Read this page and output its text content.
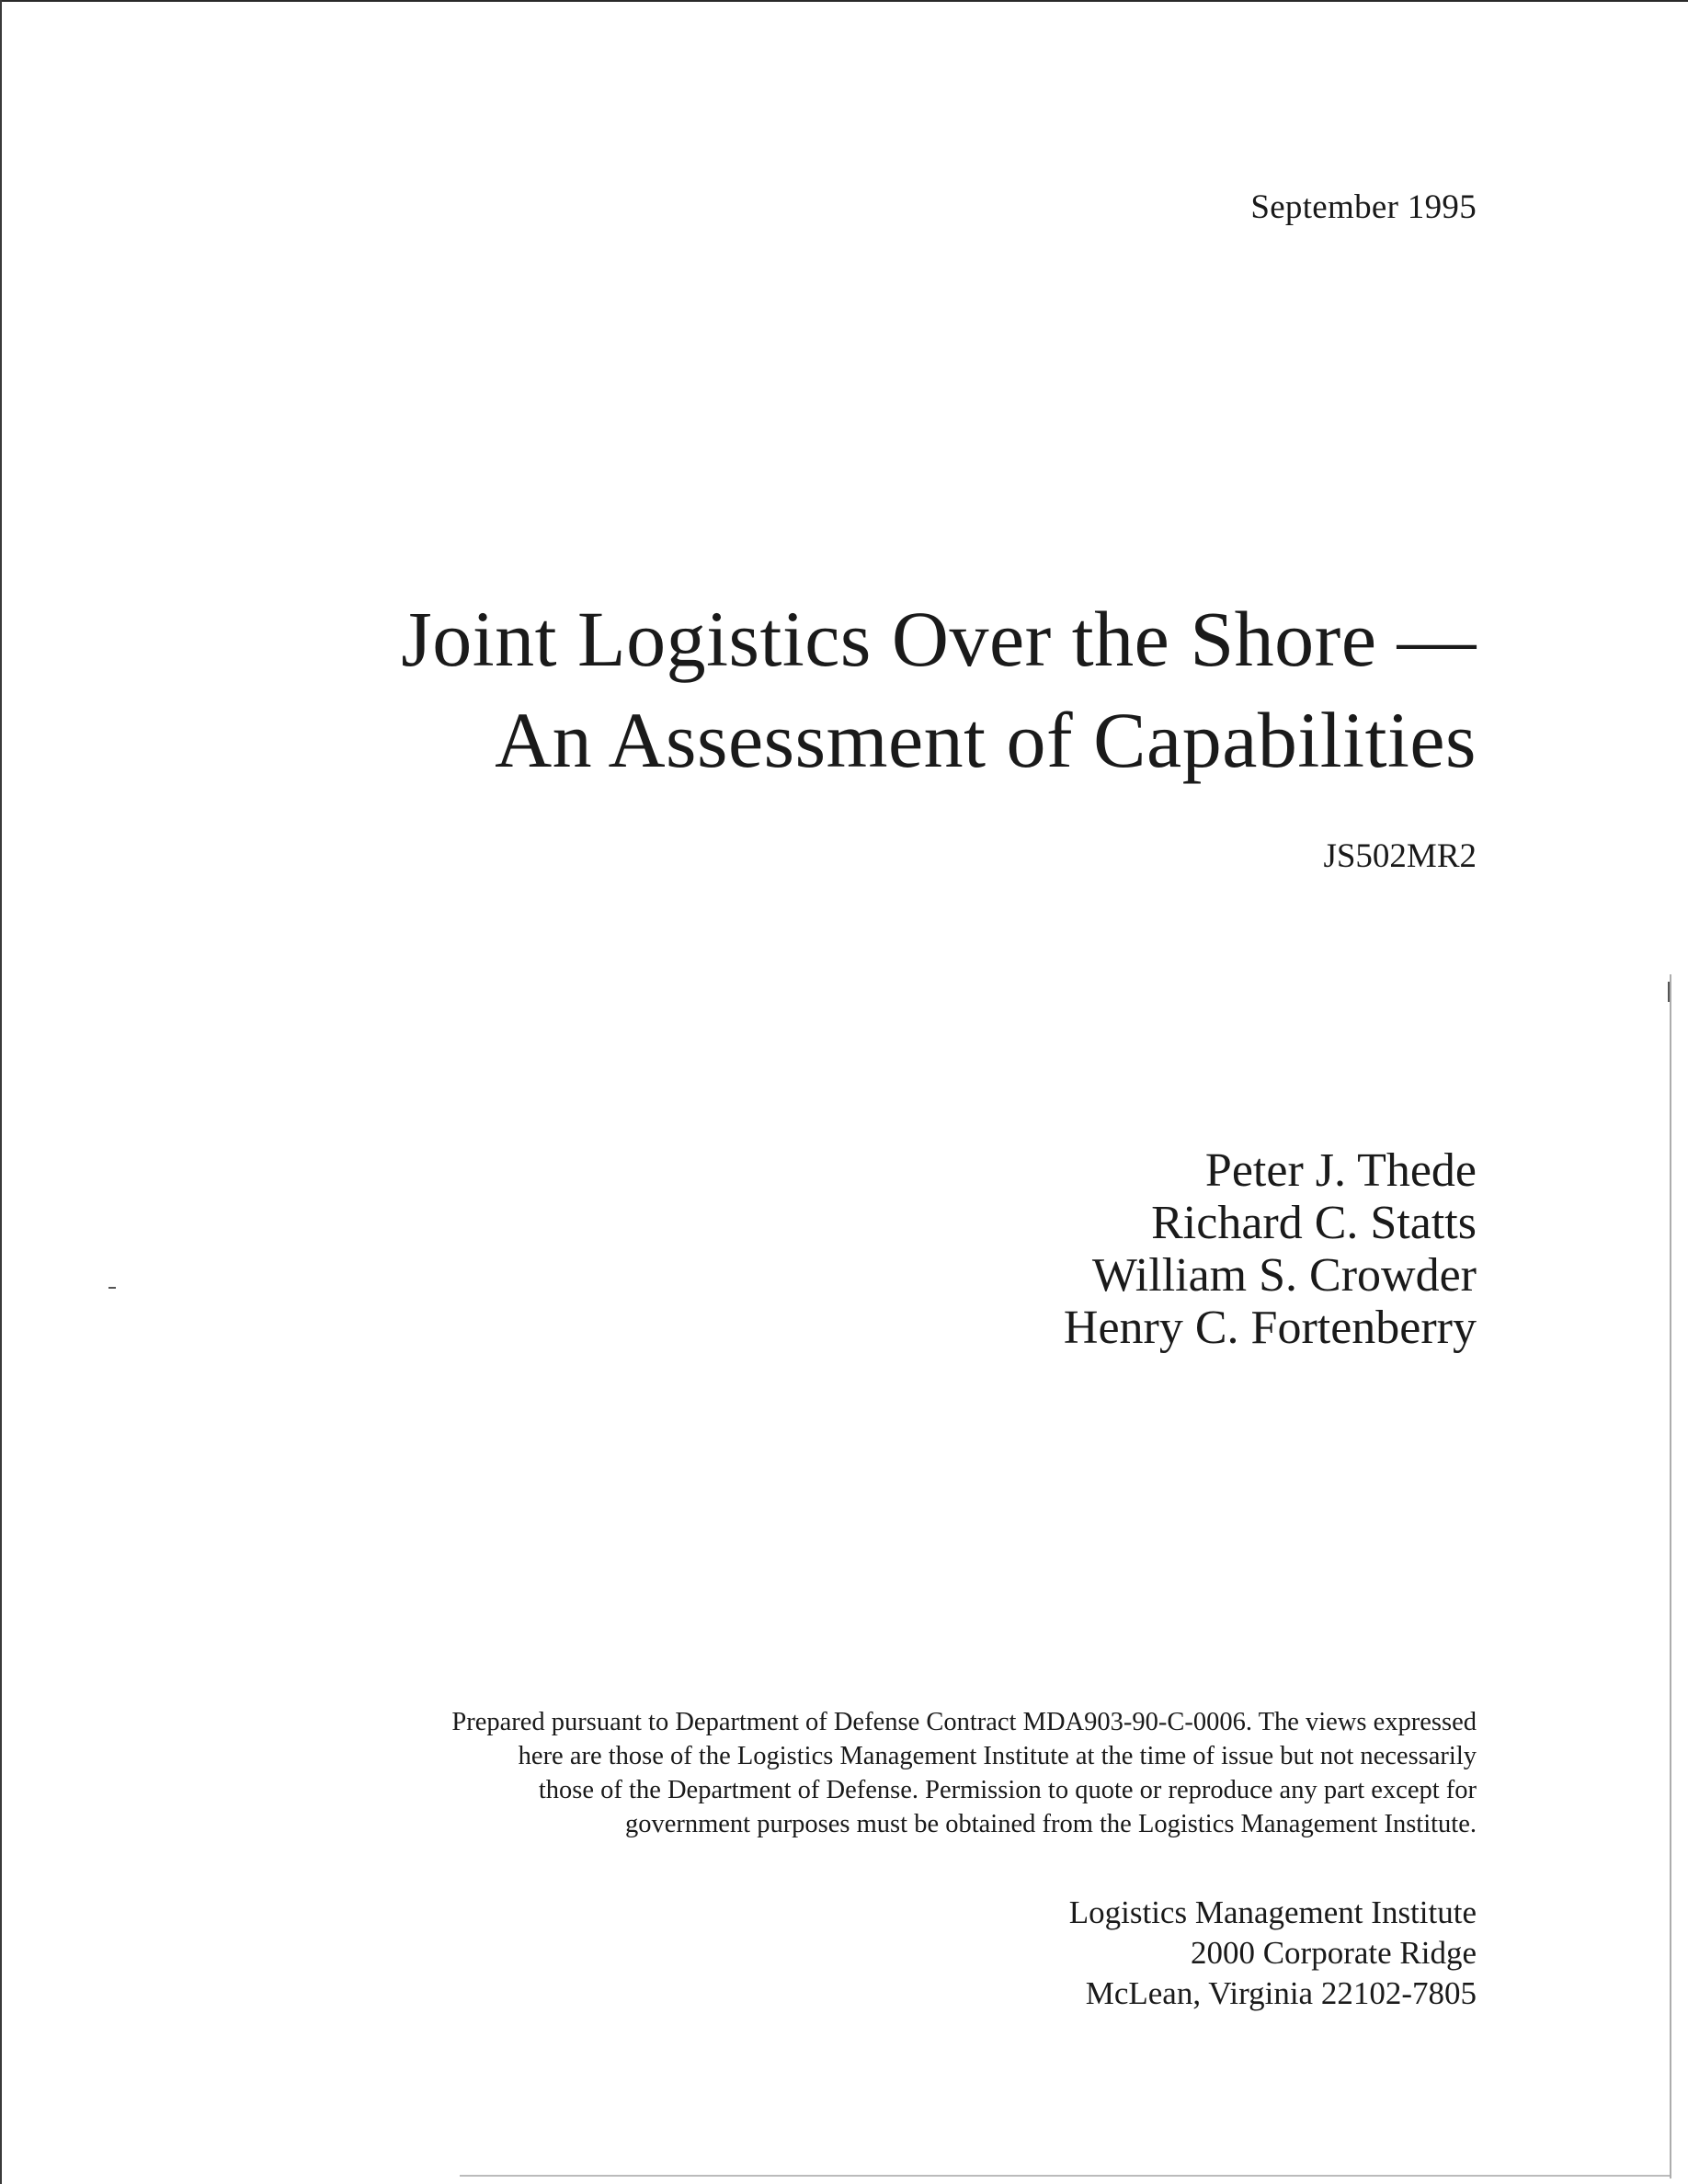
September 1995
Joint Logistics Over the Shore —
An Assessment of Capabilities
JS502MR2
Peter J. Thede
Richard C. Statts
William S. Crowder
Henry C. Fortenberry
Prepared pursuant to Department of Defense Contract MDA903-90-C-0006. The views expressed
here are those of the Logistics Management Institute at the time of issue but not necessarily
those of the Department of Defense. Permission to quote or reproduce any part except for
government purposes must be obtained from the Logistics Management Institute.
Logistics Management Institute
2000 Corporate Ridge
McLean, Virginia 22102-7805
